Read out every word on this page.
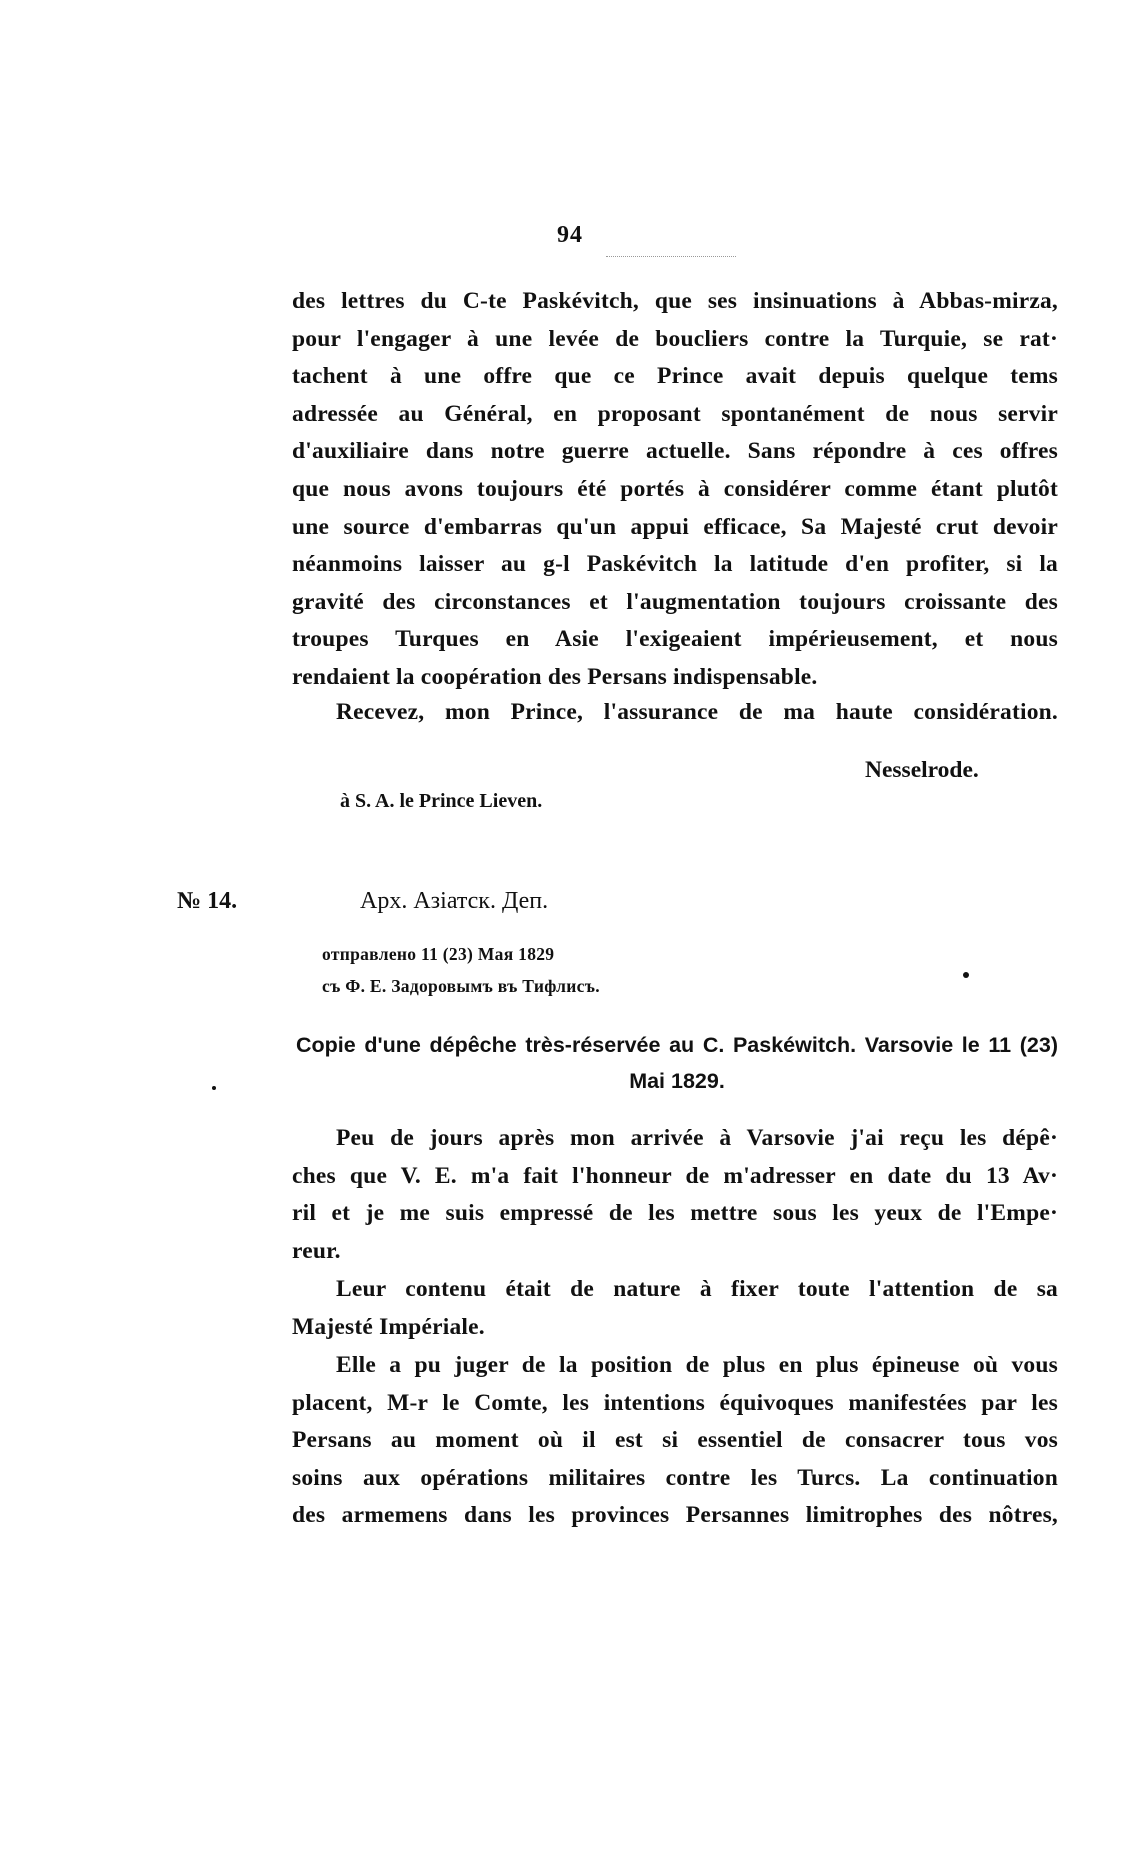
94
des lettres du C-te Paskévitch, que ses insinuations à Abbas-mirza,
pour l'engager à une levée de boucliers contre la Turquie, se rat·
tachent à une offre que ce Prince avait depuis quelque tems
adressée au Général, en proposant spontanément de nous servir
d'auxiliaire dans notre guerre actuelle. Sans répondre à ces offres
que nous avons toujours été portés à considérer comme étant plutôt
une source d'embarras qu'un appui efficace, Sa Majesté crut devoir
néanmoins laisser au g-l Paskévitch la latitude d'en profiter, si la
gravité des circonstances et l'augmentation toujours croissante des
troupes Turques en Asie l'exigeaient impérieusement, et nous
rendaient la coopération des Persans indispensable.
Recevez, mon Prince, l'assurance de ma haute considération.
Nesselrode.
à S. A. le Prince Lieven.
№ 14.	Арх. Азiатск. Деп.
отправлено 11 (23) Мая 1829
съ Ф. Е. Задоровымъ въ Тифлисъ.
Copie d'une dépêche très-réservée au C. Paskéwitch. Varsovie le 11 (23)
Mai 1829.
Peu de jours après mon arrivée à Varsovie j'ai reçu les dépê·
ches que V. E. m'a fait l'honneur de m'adresser en date du 13 Av·
ril et je me suis empressé de les mettre sous les yeux de l'Empe·
reur.
Leur contenu était de nature à fixer toute l'attention de sa
Majesté Impériale.
Elle a pu juger de la position de plus en plus épineuse où vous
placent, M-r le Comte, les intentions équivoques manifestées par les
Persans au moment où il est si essentiel de consacrer tous vos
soins aux opérations militaires contre les Turcs. La continuation
des armemens dans les provinces Persannes limitrophes des nôtres,
